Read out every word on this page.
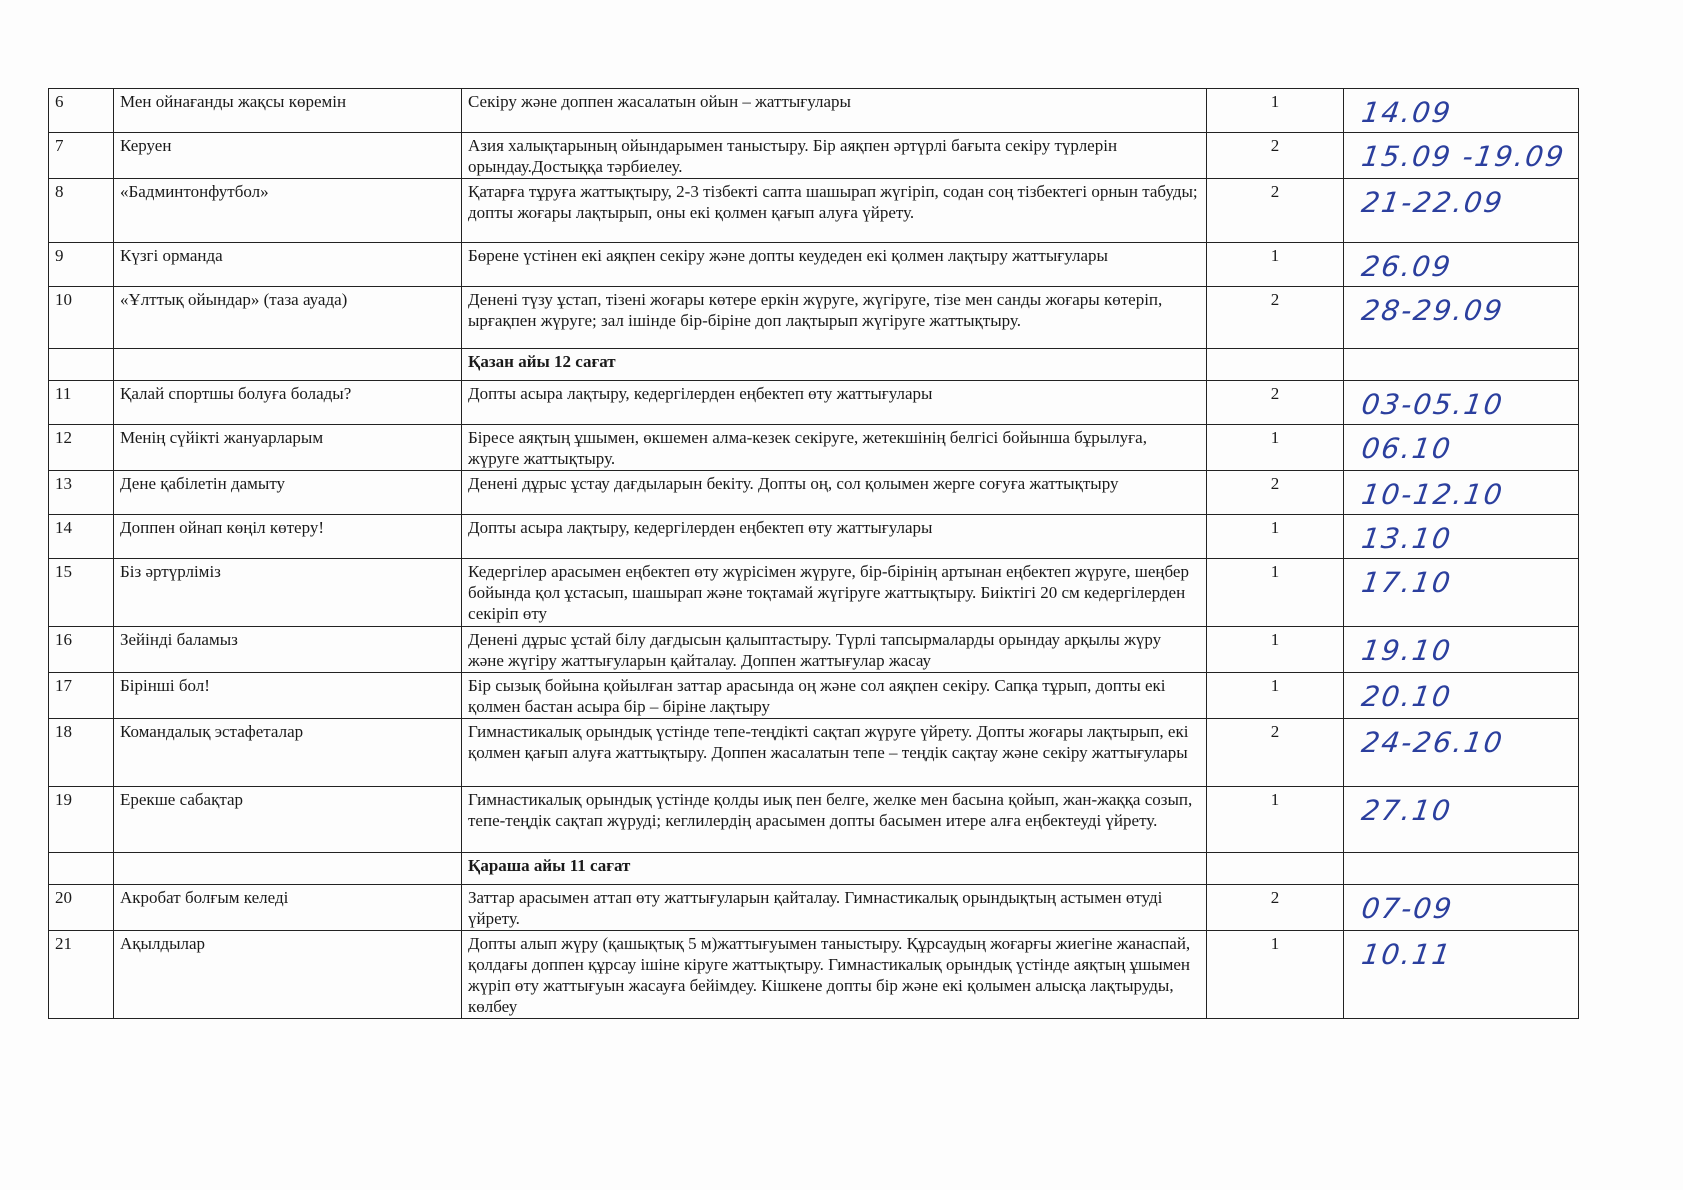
6	Мен ойнағанды жақсы көремін	Секіру және доппен жасалатын ойын – жаттығулары	1	14.09

7	Керуен	Азия халықтарының ойындарымен таныстыру. Бір аяқпен әртүрлі бағыта секіру түрлерін орындау.Достыққа тәрбиелеу.	2	15.09 -19.09

8	«Бадминтонфутбол»	Қатарға тұруға жаттықтыру, 2-3 тізбекті сапта шашырап жүгіріп, содан соң тізбектегі орнын табуды; допты жоғары лақтырып, оны екі қолмен қағып алуға үйрету.	2	21-22.09

9	Күзгі орманда	Бөрене үстінен екі аяқпен секіру және допты кеудеден екі қолмен лақтыру жаттығулары	1	26.09

10	«Ұлттық ойындар» (таза ауада)	Денені түзу ұстап, тізені жоғары көтере еркін жүруге, жүгіруге, тізе мен санды жоғары көтеріп, ырғақпен жүруге; зал ішінде бір-біріне доп лақтырып жүгіруге жаттықтыру.	2	28-29.09

		Қазан айы 12 сағат		
11	Қалай спортшы болуға болады?	Допты асыра лақтыру, кедергілерден еңбектеп өту жаттығулары	2	03-05.10

12	Менің сүйікті жануарларым	Біресе аяқтың ұшымен, өкшемен алма-кезек секіруге, жетекшінің белгісі бойынша бұрылуға, жүруге жаттықтыру.	1	06.10

13	Дене қабілетін дамыту	Денені дұрыс ұстау дағдыларын бекіту. Допты оң, сол қолымен жерге соғуға жаттықтыру	2	10-12.10

14	Доппен ойнап көңіл көтеру!	Допты асыра лақтыру, кедергілерден еңбектеп өту жаттығулары	1	13.10

15	Біз әртүрліміз	Кедергілер арасымен еңбектеп өту жүрісімен жүруге, бір-бірінің артынан еңбектеп жүруге, шеңбер бойында қол ұстасып, шашырап және тоқтамай жүгіруге жаттықтыру. Биіктігі 20 см кедергілерден секіріп өту	1	17.10

16	Зейінді баламыз	Денені дұрыс ұстай білу дағдысын қалыптастыру. Түрлі тапсырмаларды орындау арқылы жүру және жүгіру жаттығуларын қайталау. Доппен жаттығулар жасау	1	19.10

17	Бірінші бол!	Бір сызық бойына қойылған заттар арасында оң және сол аяқпен секіру. Сапқа тұрып, допты екі қолмен бастан асыра бір – біріне лақтыру	1	20.10

18	Командалық эстафеталар	Гимнастикалық орындық үстінде тепе-теңдікті сақтап жүруге үйрету. Допты жоғары лақтырып, екі қолмен қағып алуға жаттықтыру. Доппен жасалатын тепе – теңдік сақтау және секіру жаттығулары	2	24-26.10

19	Ерекше сабақтар	Гимнастикалық орындық үстінде қолды иық пен белге, желке мен басына қойып, жан-жаққа созып, тепе-теңдік сақтап жүруді; кеглилердің арасымен допты басымен итере алға еңбектеуді үйрету.	1	27.10

		Қараша айы 11 сағат		
20	Акробат болғым келеді	Заттар арасымен аттап өту жаттығуларын қайталау. Гимнастикалық орындықтың астымен өтуді үйрету.	2	07-09

21	Ақылдылар	Допты алып жүру (қашықтық 5 м)жаттығуымен таныстыру. Құрсаудың жоғарғы жиегіне жанаспай, қолдағы доппен құрсау ішіне кіруге жаттықтыру. Гимнастикалық орындық үстінде аяқтың ұшымен жүріп өту жаттығуын жасауға бейімдеу. Кішкене допты бір және екі қолымен алысқа лақтыруды, көлбеу	1	10.11
